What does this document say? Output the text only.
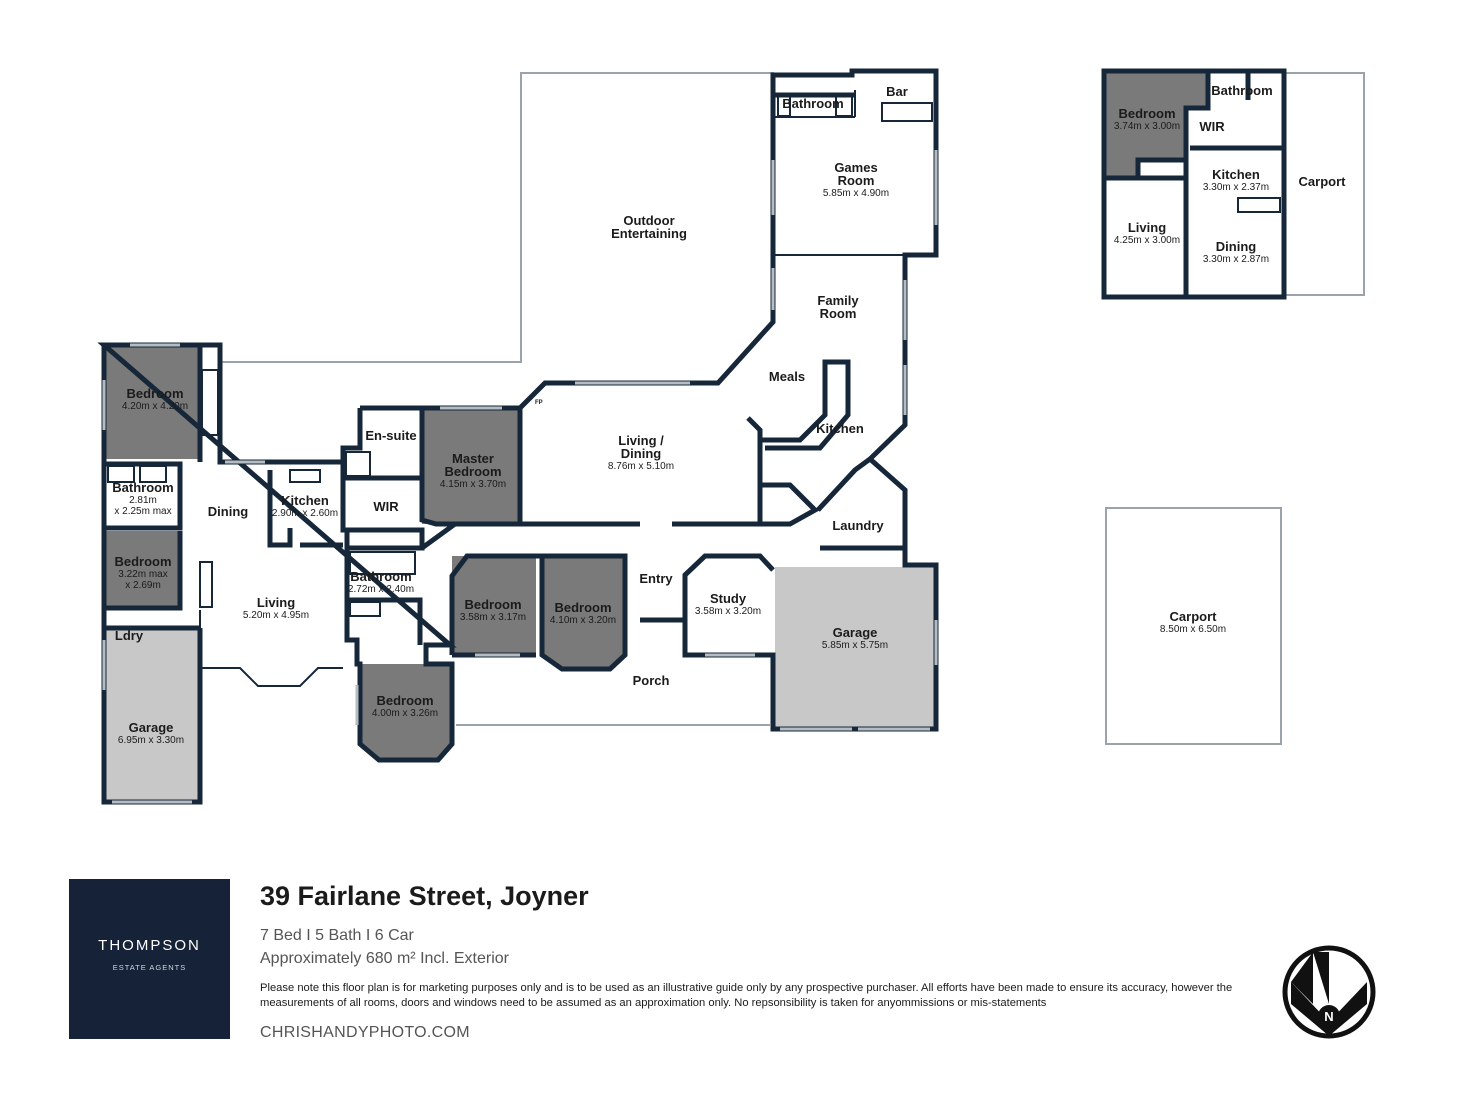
Outdoor Entertaining
Bathroom
Bar
Games Room
Family Room
Meals
Kitchen
Living / Dining
Laundry
Master Bedroom
En-suite
WIR
Bathroom
Bedroom
Bedroom	Bedroom
Entry
Porch
Study
Garage
Bedroom
Bathroom
Bedroom
Ldry
Garage
Dining
Kitchen
Living
Bedroom
Bathroom
WIR
Kitchen
Living
Dining
Carport
Carport
FP
5.85m x 4.90m
8.76m x 5.10m
4.15m x 3.70m
2.72m x 2.40m
4.00m x 3.26m
3.58m x 3.17m 4.10m x 3.20m
3.58m x 3.20m
5.85m x 5.75m
4.20m x 4.20m
2.81m x 2.25m max
3.22m max x 2.69m
6.95m x 3.30m
2.90m x 2.60m
5.20m x 4.95m
3.74m x 3.00m
3.30m x 2.37m
4.25m x 3.00m
3.30m x 2.87m
8.50m x 6.50m
THOMPSON
ESTATE AGENTS
39 Fairlane Street, Joyner
7 Bed I 5 Bath I 6 Car
Approximately 680 m² Incl. Exterior
Please note this floor plan is for marketing purposes only and is to be used as an illustrative guide only by any prospective purchaser. All efforts have been made to ensure its accuracy, however the measurements of all rooms, doors and windows need to be assumed as an approximation only. No repsonsibility is taken for anyommissions or mis-statements
CHRISHANDYPHOTO.COM
N
